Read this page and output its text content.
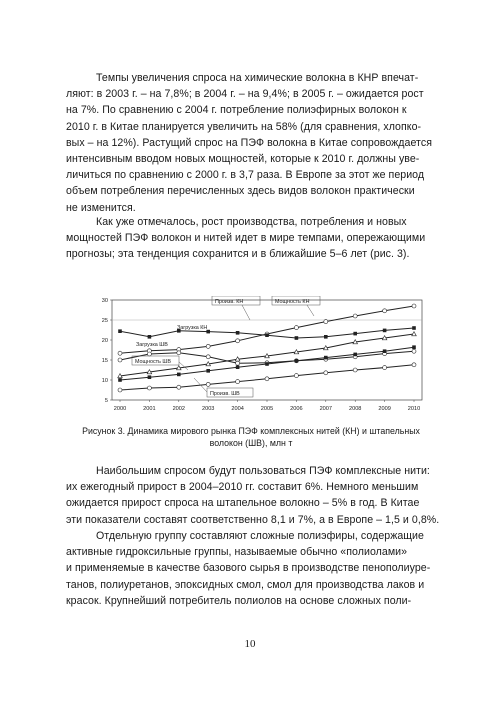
Темпы увеличения спроса на химические волокна в КНР впечат-
ляют: в 2003 г. – на 7,8%; в 2004 г. – на 9,4%; в 2005 г. – ожидается рост
на 7%. По сравнению с 2004 г. потребление полиэфирных волокон к
2010 г. в Китае планируется увеличить на 58% (для сравнения, хлопко-
вых – на 12%). Растущий спрос на ПЭФ волокна в Китае сопровождается
интенсивным вводом новых мощностей, которые к 2010 г. должны уве-
личиться по сравнению с 2000 г. в 3,7 раза. В Европе за этот же период
объем потребления перечисленных здесь видов волокон практически
не изменится.
Как уже отмечалось, рост производства, потребления и новых
мощностей ПЭФ волокон и нитей идет в мире темпами, опережающими
прогнозы; эта тенденция сохранится и в ближайшие 5–6 лет (рис. 3).
5
10
15
20
25
30
2000	2001	2002	2003	2004	2005	2006	2007	2008	2009	2010
Загрузка КН
Произв. КН	Мощность КН
Загрузка ШВ
Мощность ШВ
Произв. ШВ
Рисунок 3. Динамика мирового рынка ПЭФ комплексных нитей (КН) и штапельных
волокон (ШВ), млн т
Наибольшим спросом будут пользоваться ПЭФ комплексные нити:
их ежегодный прирост в 2004–2010 гг. составит 6%. Немного меньшим
ожидается прирост спроса на штапельное волокно – 5% в год. В Китае
эти показатели составят соответственно 8,1 и 7%, а в Европе – 1,5 и 0,8%.
Отдельную группу составляют сложные полиэфиры, содержащие
активные гидроксильные группы, называемые обычно «полиолами»
и применяемые в качестве базового сырья в производстве пенополиуре-
танов, полиуретанов, эпоксидных смол, смол для производства лаков и
красок. Крупнейший потребитель полиолов на основе сложных поли-
10
